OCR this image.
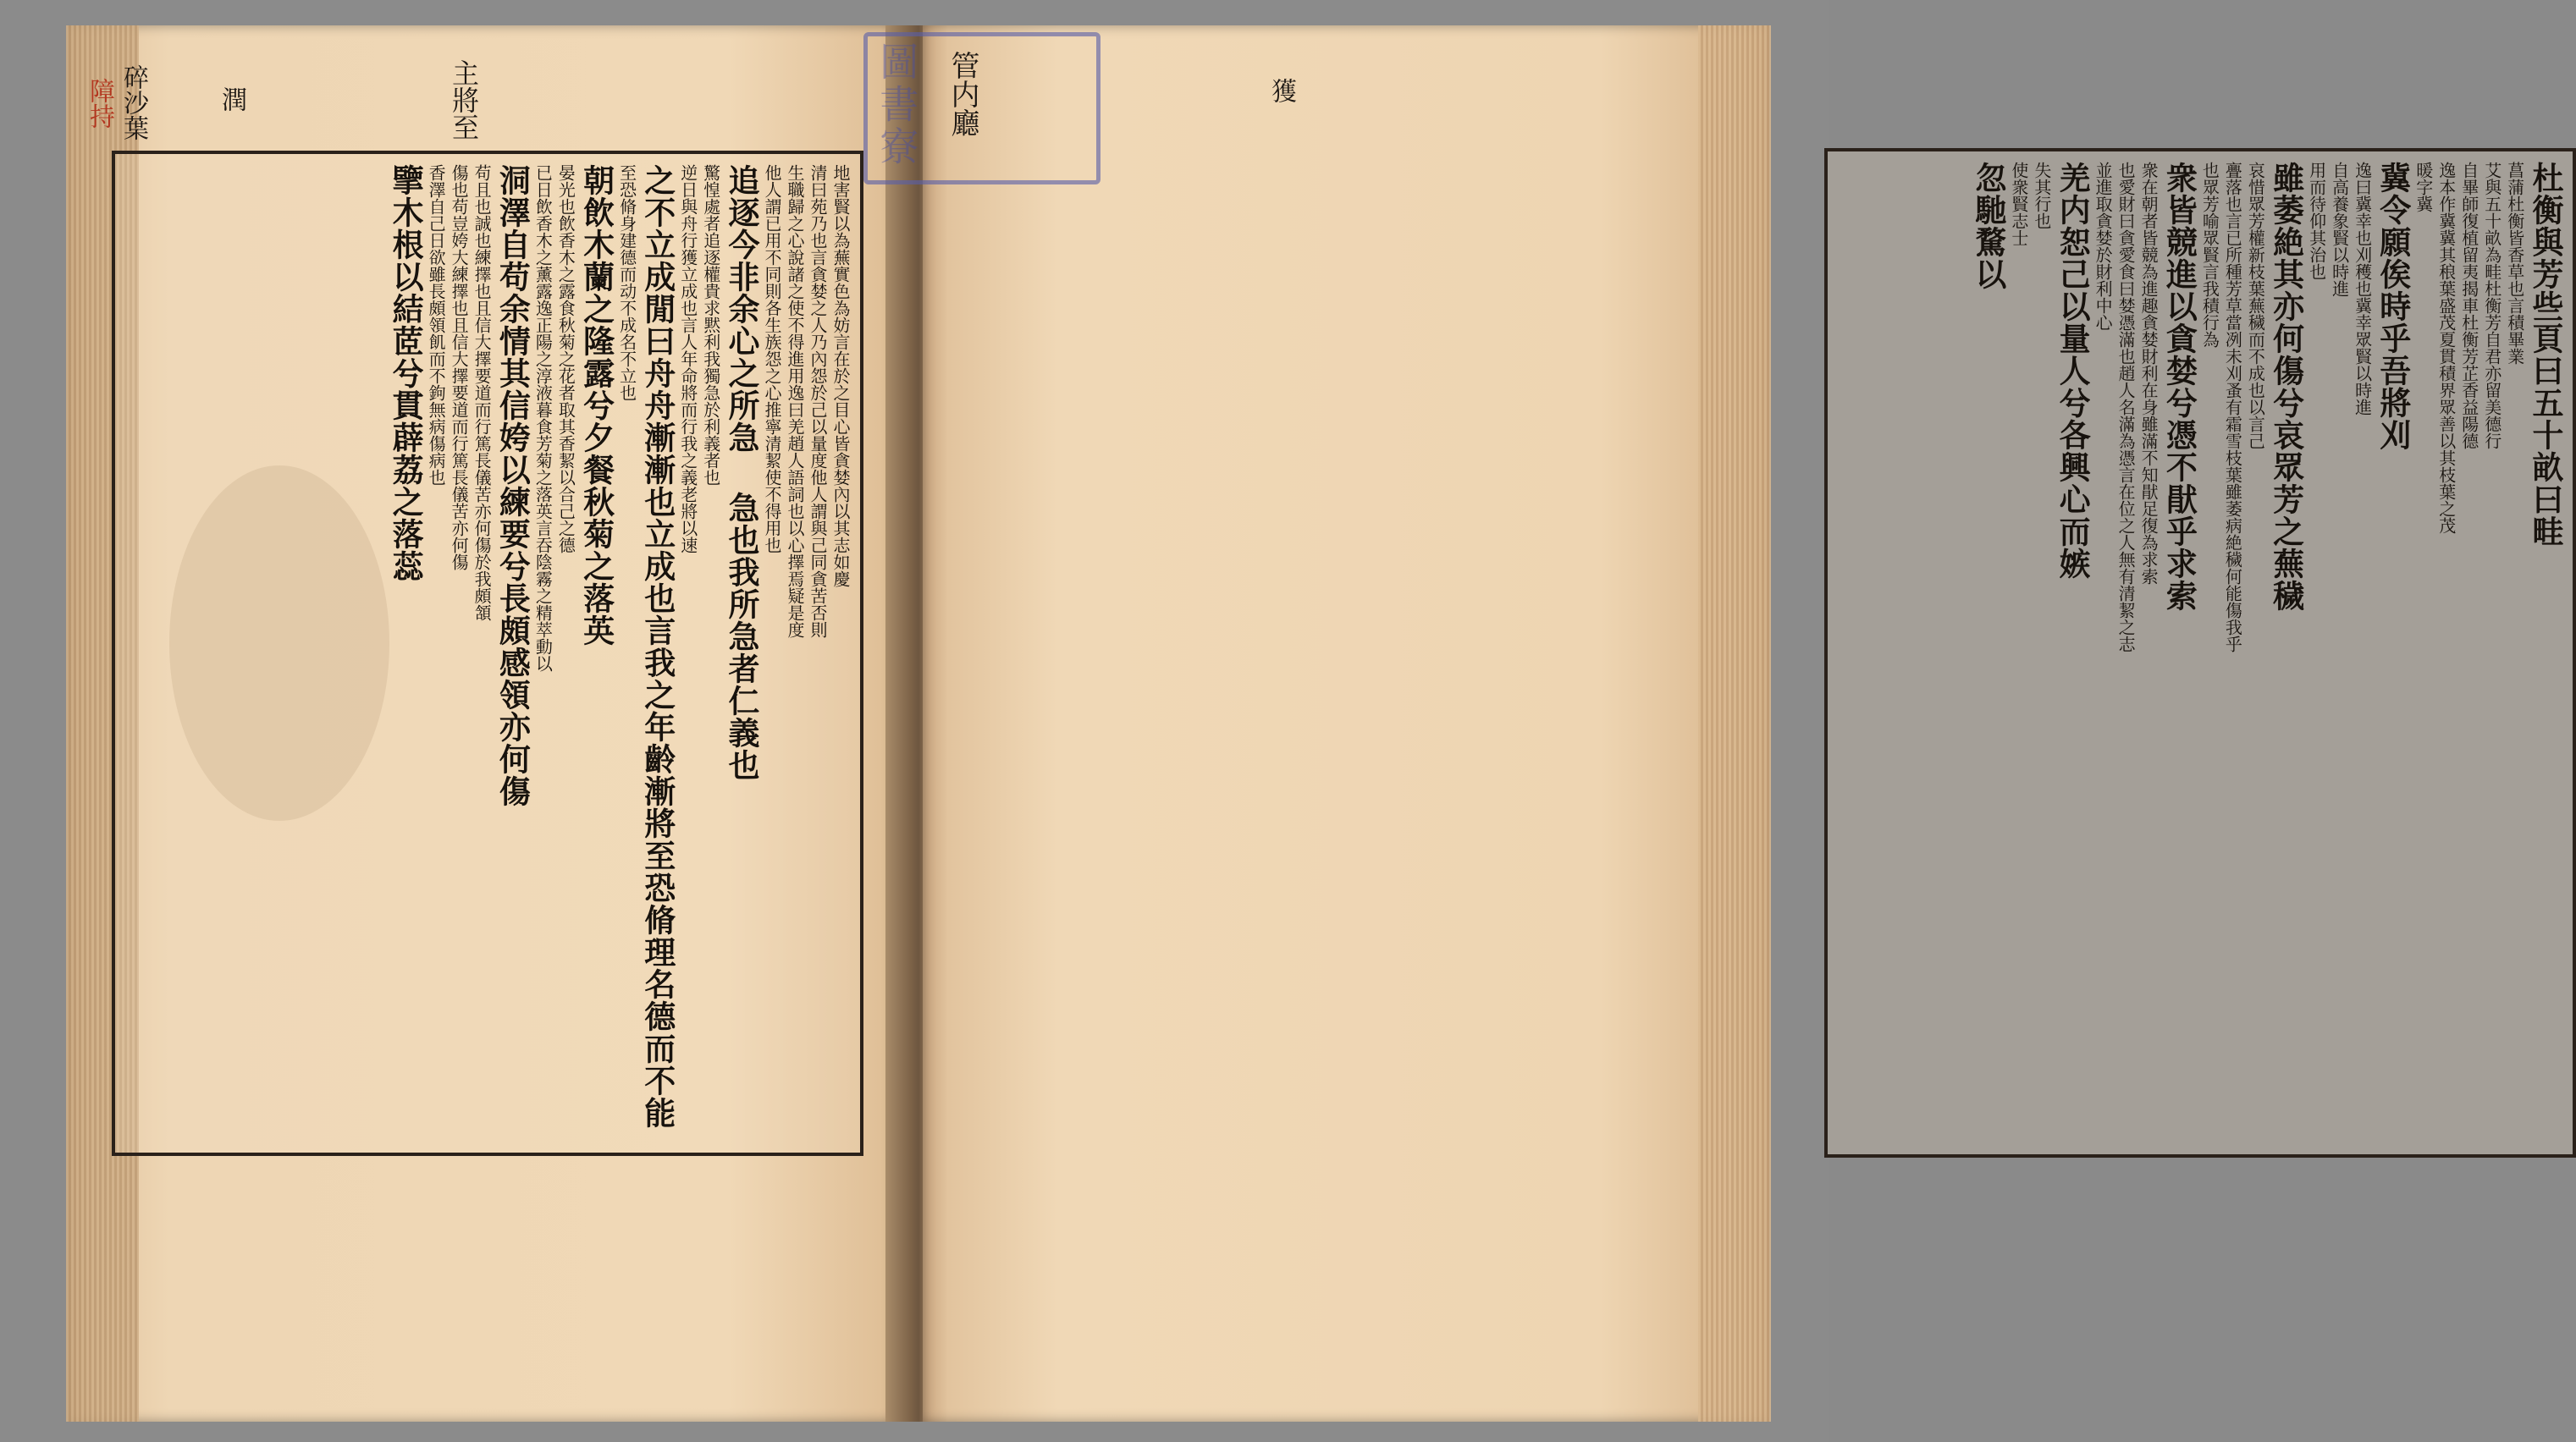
碎沙葉
障持	潤	主將至
地害賢以為蕪實色為妨言在於之目心皆貪婪內以其志如慶
清曰苑乃也言貪婪之人乃內怨於己以量度他人謂與己同貪苦否則
生職歸之心說諸之使不得進用逸曰羌趙人語詞也以心擇焉疑是度
他人謂已用不同則各生族怨之心推寧清絜使不得用也
追逐今非余心之所急 急也我所急者仁義也
驚惶處者追逐權貴求黙利我獨急於利義者也
逆日與舟行獲立成也言人年命將而行我之義老將以速
之不立成閒曰舟舟漸漸也立成也言我之年齡漸將至恐脩理名德而不能
至恐脩身建德而动不成名不立也
朝飲木蘭之隆露兮夕餐秋菊之落英
晏光也飲香木之露食秋菊之花者取其香絜以合己之德
已日飲香木之薰露逸正陽之淳液暮食芳菊之落英言吞陰霧之精萃動以
洞澤自苟余情其信姱以練要兮長頗感領亦何傷
苟且也誠也練擇也且信大擇要道而行篤長儀苦亦何傷於我頗頷
傷也苟豈姱大練擇也且信大擇要道而行篤長儀苦亦何傷
香澤自己日欲雖長頗領飢而不鉤無病傷病也
擥木根以結茝兮貫薜荔之落蕊
管内廳	獲
杜衡與芳些頁曰五十畝曰畦
菖蒲杜衡皆香草也言積畢業
艾與五十畝為畦杜衡芳自君亦留美德行
自畢師復植留夷揭車杜衡芳芷香益陽德
逸本作冀冀其稂葉盛茂夏貫積界眾善以其枝葉之茂
暖字冀
冀令願俟時乎吾將刈
逸曰冀幸也刈穫也冀幸眾賢以時進
自高養象賢以時進
用而待仰其治也
雖萎絶其亦何傷兮哀眾芳之蕪穢
哀惜眾芳權新枝葉蕪穢而不成也以言己
亹落也言已所種芳草當冽未刈蚤有霜雪枝葉雖萎病絶穢何能傷我乎
也眾芳喻眾賢言我積行為
衆皆競進以貪婪兮憑不猒乎求索
衆在朝者皆競為進趣貪婪財利在身雖滿不知猒足復為求索
也愛財曰貪愛食曰婪憑滿也趙人名滿為憑言在位之人無有清絜之志
並進取貪婪於財利中心
羌内恕己以量人兮各興心而嫉
失其行也
使衆賢志士
忽馳騖以
圖書寮
